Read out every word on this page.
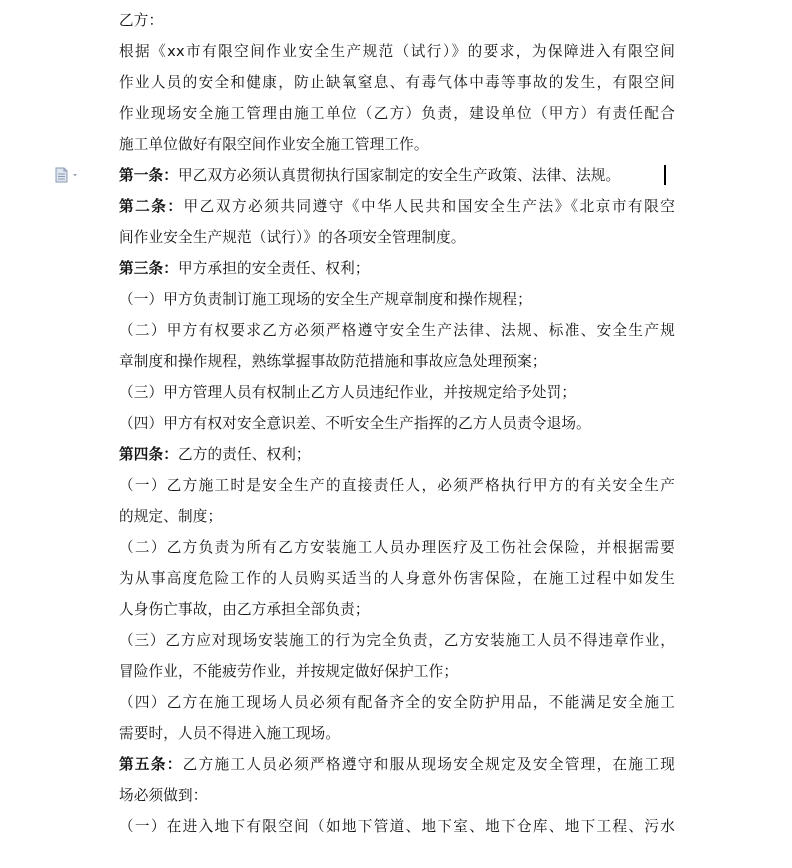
乙方：
根据《xx市有限空间作业安全生产规范（试行）》的要求，为保障进入有限空间
作业人员的安全和健康，防止缺氧窒息、有毒气体中毒等事故的发生，有限空间
作业现场安全施工管理由施工单位（乙方）负责，建设单位（甲方）有责任配合
施工单位做好有限空间作业安全施工管理工作。
第一条：甲乙双方必须认真贯彻执行国家制定的安全生产政策、法律、法规。
第二条：甲乙双方必须共同遵守《中华人民共和国安全生产法》《北京市有限空
间作业安全生产规范（试行）》的各项安全管理制度。
第三条：甲方承担的安全责任、权利；
（一）甲方负责制订施工现场的安全生产规章制度和操作规程；
（二）甲方有权要求乙方必须严格遵守安全生产法律、法规、标准、安全生产规
章制度和操作规程，熟练掌握事故防范措施和事故应急处理预案；
（三）甲方管理人员有权制止乙方人员违纪作业，并按规定给予处罚；
（四）甲方有权对安全意识差、不听安全生产指挥的乙方人员责令退场。
第四条：乙方的责任、权利；
（一）乙方施工时是安全生产的直接责任人，必须严格执行甲方的有关安全生产
的规定、制度；
（二）乙方负责为所有乙方安装施工人员办理医疗及工伤社会保险，并根据需要
为从事高度危险工作的人员购买适当的人身意外伤害保险，在施工过程中如发生
人身伤亡事故，由乙方承担全部负责；
（三）乙方应对现场安装施工的行为完全负责，乙方安装施工人员不得违章作业，
冒险作业，不能疲劳作业，并按规定做好保护工作；
（四）乙方在施工现场人员必须有配备齐全的安全防护用品，不能满足安全施工
需要时，人员不得进入施工现场。
第五条：乙方施工人员必须严格遵守和服从现场安全规定及安全管理，在施工现
场必须做到：
（一）在进入地下有限空间（如地下管道、地下室、地下仓库、地下工程、污水
